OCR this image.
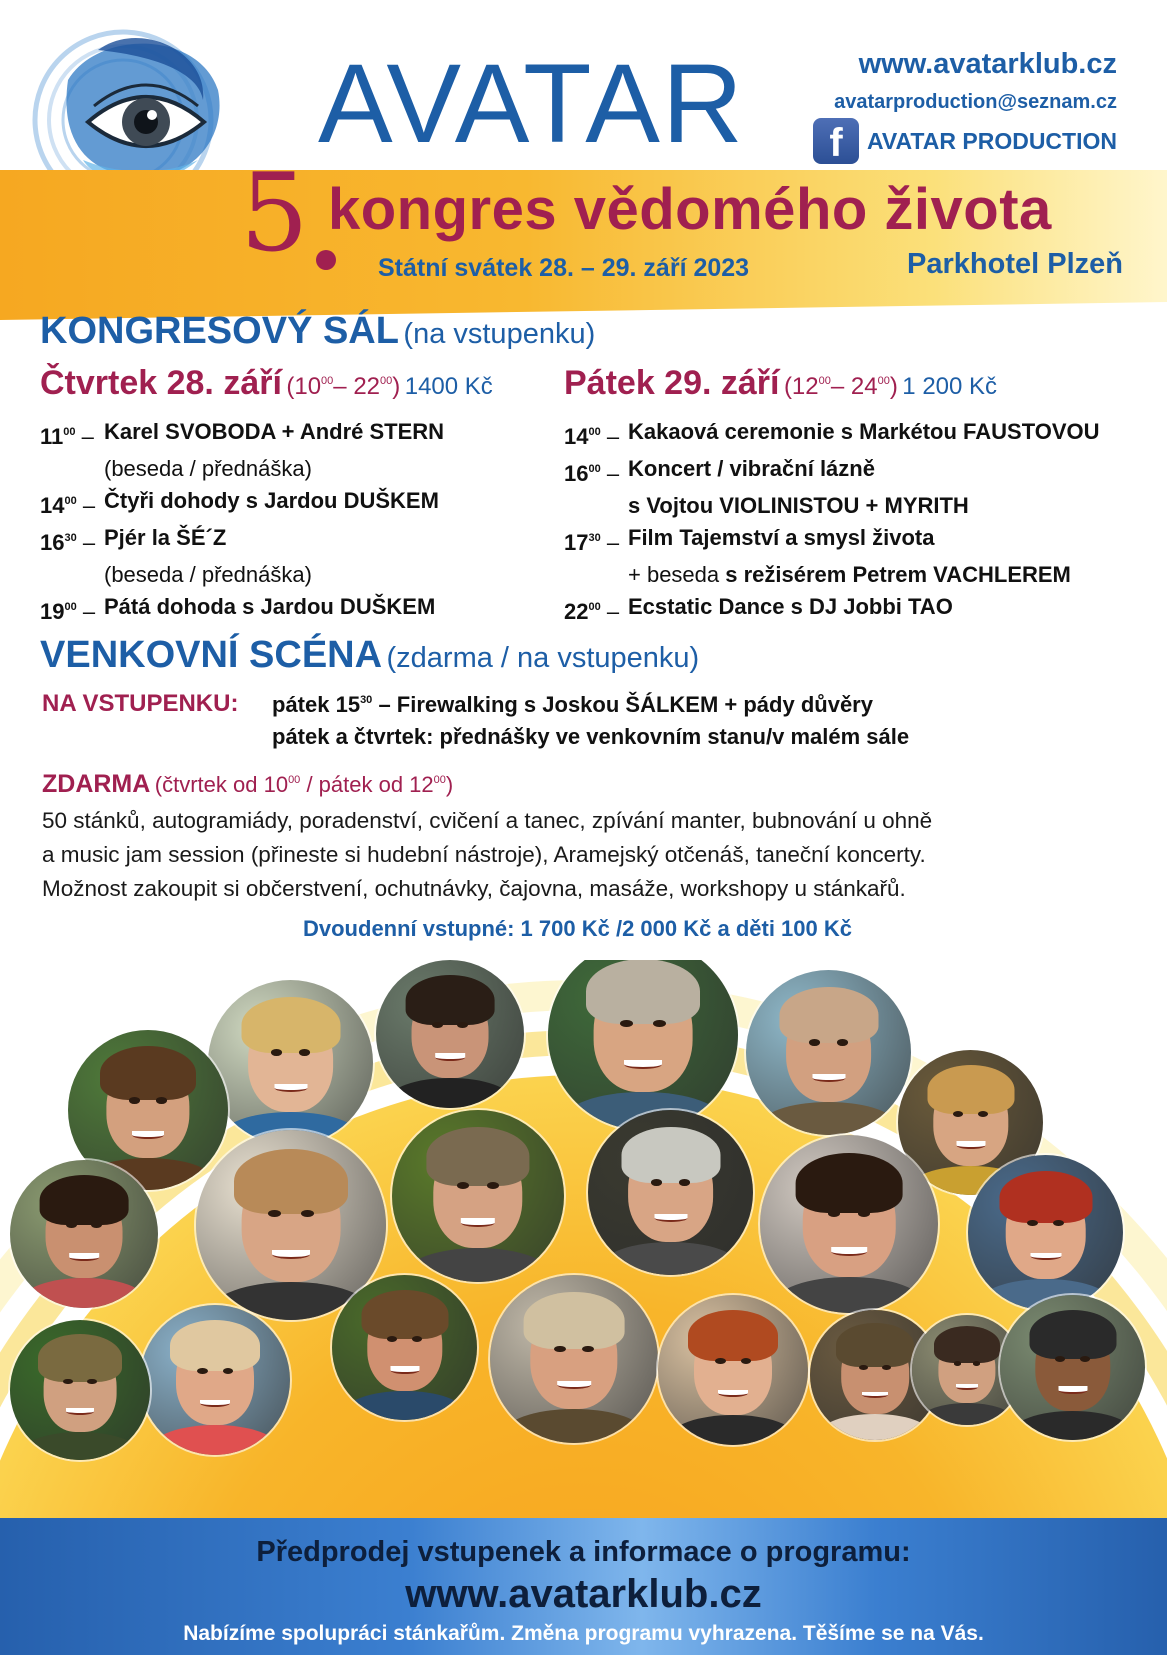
AVATAR	www.avatarklub.cz
avatarproduction@seznam.cz
f	AVATAR PRODUCTION
5 kongres vědomého života
Státní svátek 28. – 29. září 2023	Parkhotel Plzeň
KONGRESOVÝ SÁL (na vstupenku)
Čtvrtek 28. září ($10^{00}-$ $22^{00}$) 1400 Kč Pátek 29. září ($12^{00}-$ $24^{00}$) 1 200 Kč
$11^{00}$ – Karel SVOBODA + André STERN
(beseda / přednáška)
$14^{00}$ – Čtyři dohody s Jardou DUŠKEM
$16^{30}$ – Pjér la ŠÉ´Z
(beseda / přednáška)
$19^{00}$ – Pátá dohoda s Jardou DUŠKEM
$14^{00}$ – Kakaová ceremonie s Markétou FAUSTOVOU
$16^{00}$ – Koncert / vibrační lázně
s Vojtou VIOLINISTOU + MYRITH
$17^{30}$ – Film Tajemství a smysl života
+ beseda s režisérem Petrem VACHLEREM
$22^{00}$ – Ecstatic Dance s DJ Jobbi TAO
VENKOVNÍ SCÉNA (zdarma / na vstupenku)
NA VSTUPENKU: pátek $15^{30}$ – Firewalking s Joskou ŠÁLKEM + pády důvěry
pátek a čtvrtek: přednášky ve venkovním stanu/v malém sále
ZDARMA (čtvrtek od $10^{00}$ / pátek od $12^{00}$)
50 stánků, autogramiády, poradenství, cvičení a tanec, zpívání manter, bubnování u ohně
a music jam session (přineste si hudební nástroje), Aramejský otčenáš, taneční koncerty.
Možnost zakoupit si občerstvení, ochutnávky, čajovna, masáže, workshopy u stánkařů.
Dvoudenní vstupné: 1 700 Kč /2 000 Kč a děti 100 Kč
Předprodej vstupenek a informace o programu:
www.avatarklub.cz
Nabízíme spolupráci stánkařům. Změna programu vyhrazena. Těšíme se na Vás.
